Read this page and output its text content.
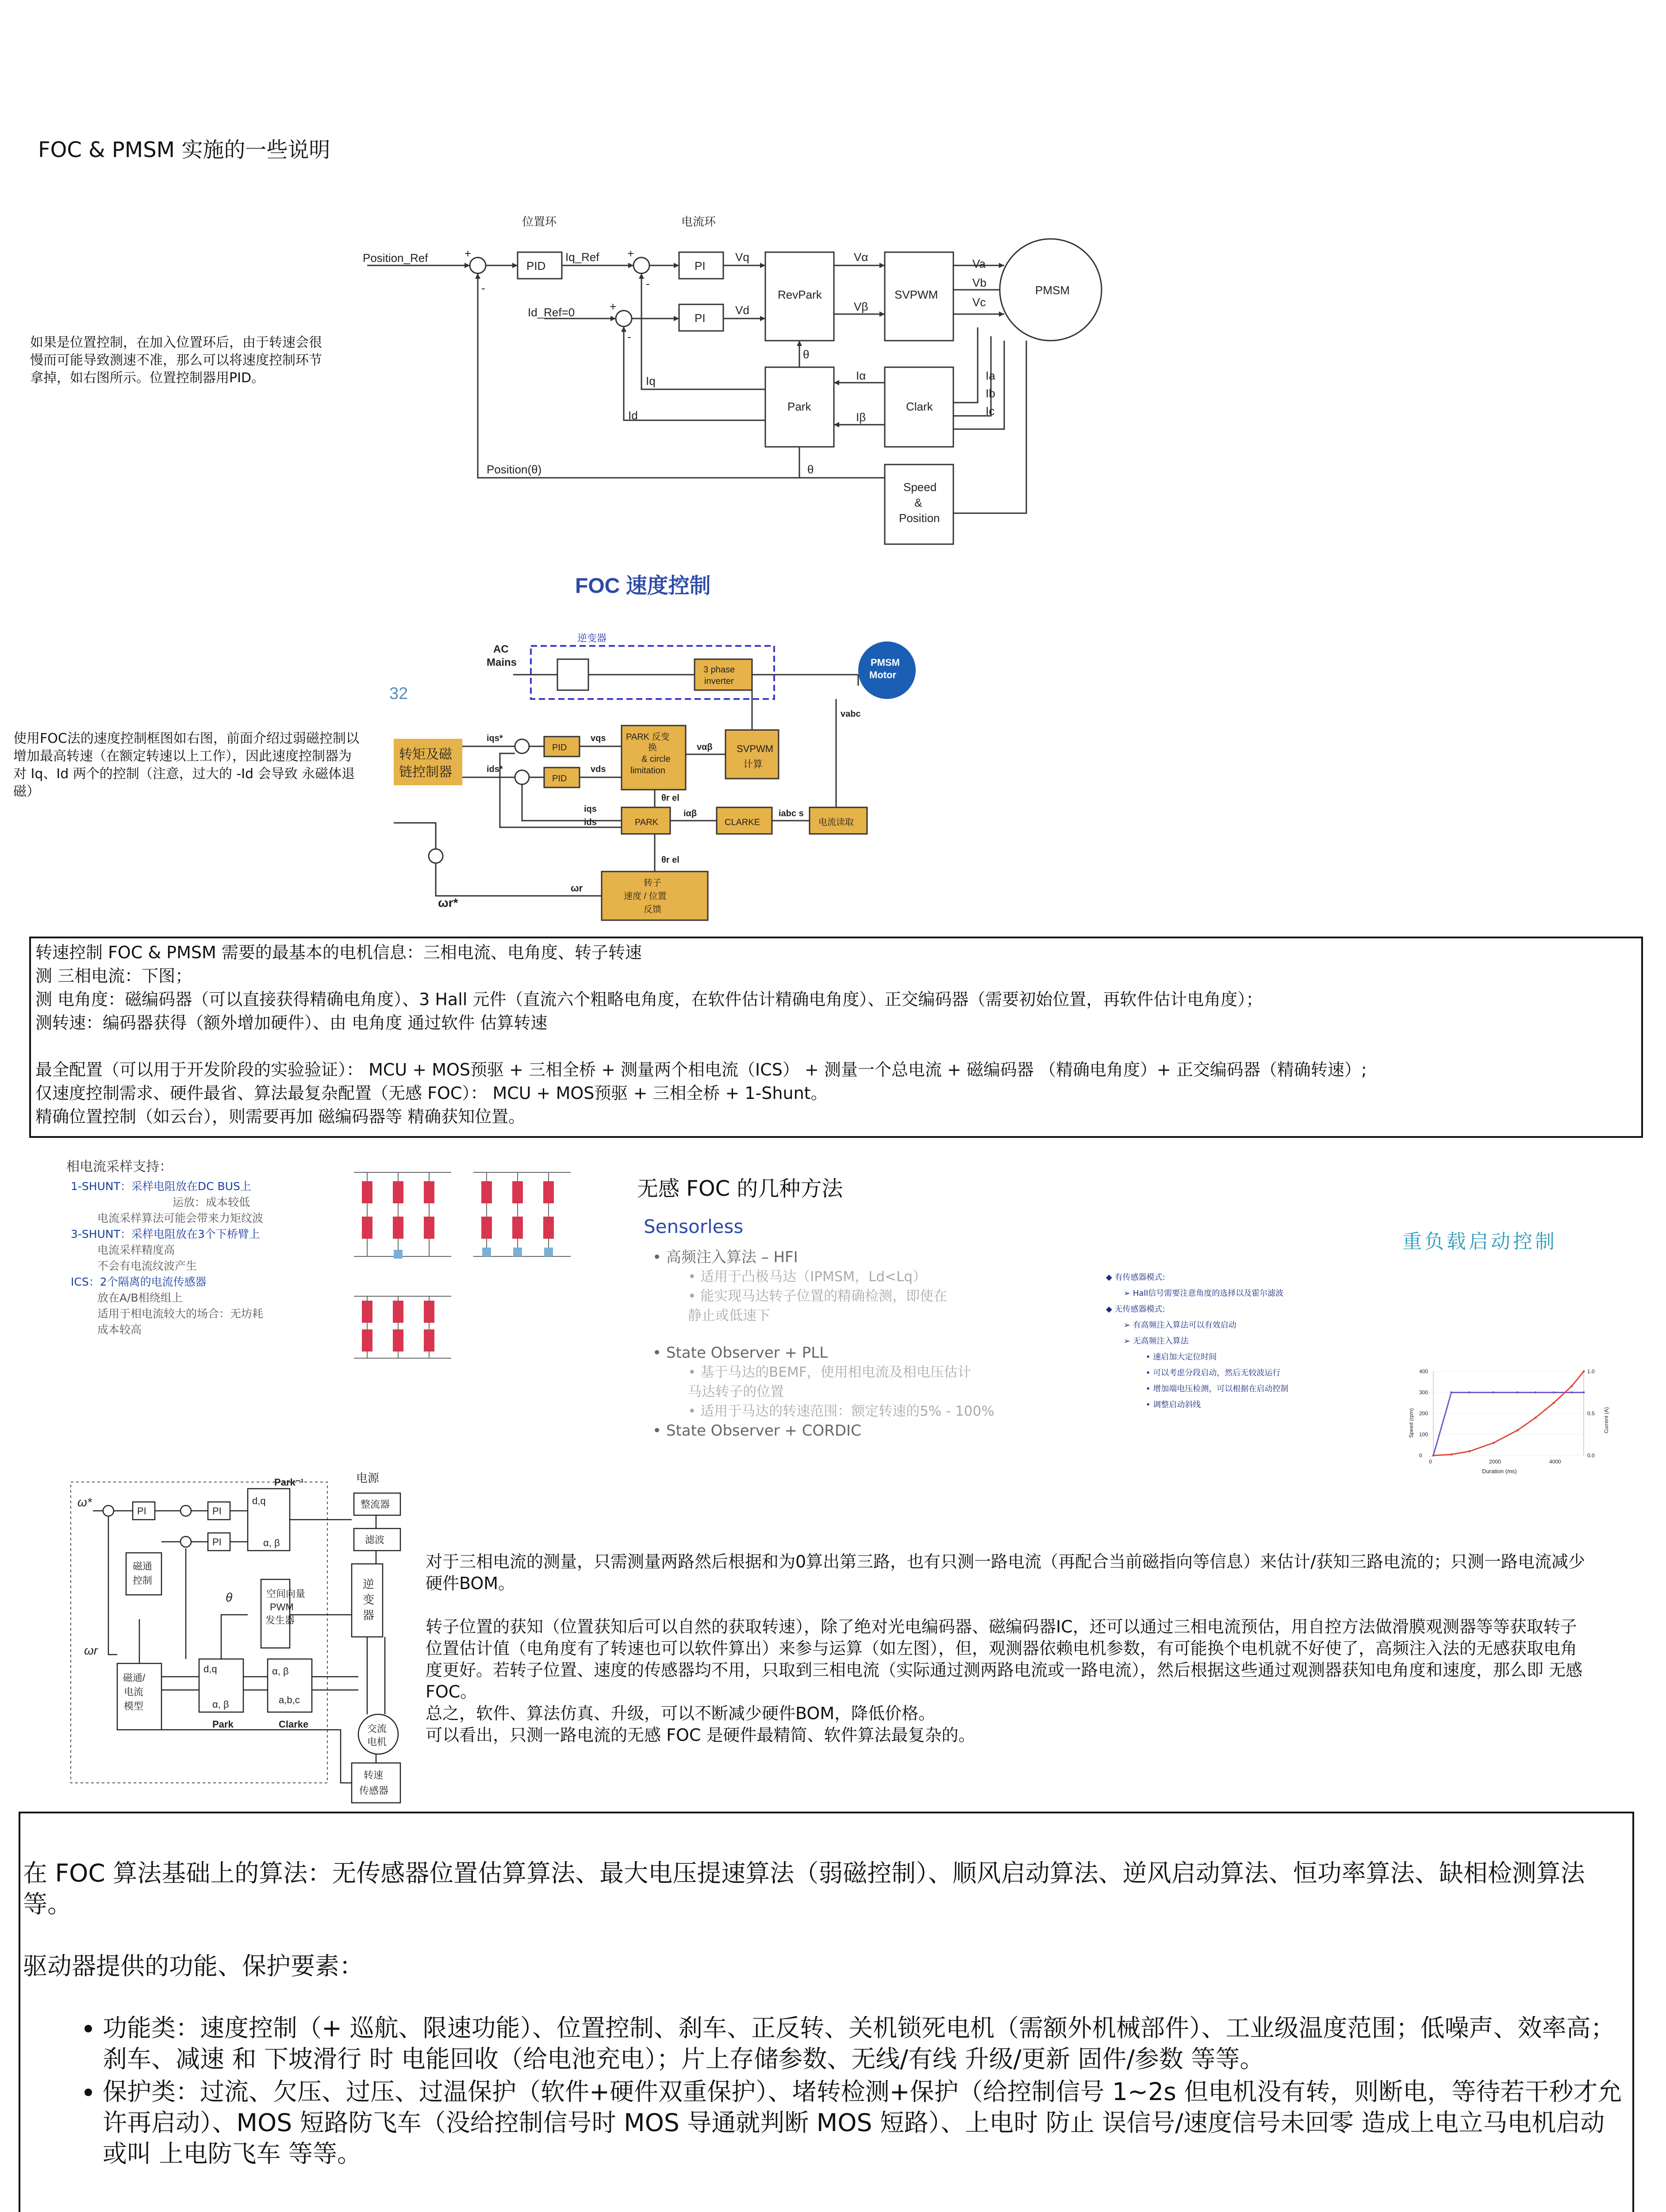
FOC & PMSM 实施的一些说明
位置环	电流环
Position_Ref
PID
Iq_Ref
Id_Ref=0
PI
PI
Vq
Vd
RevPark
Vα
Vβ
SVPWM
Va
Vb
Vc
PMSM
Park	Clark
Iq
Id
Iα
Iβ
Ia
Ib
Ic
θ
θ
Position(θ)
Speed
&
Position
+
-
+
-
+
-
如果是位置控制，在加入位置环后，由于转速会很慢而可能导致测速不准，那么可以将速度控制环节拿掉，如右图所示。位置控制器用PID。
FOC 速度控制
32
逆变器
AC
Mains
3 phase
inverter
PMSM
Motor
转矩及磁
链控制器
PID
PID
PARK 反变
换
& circle
limitation
SVPWM
计算
PARK	CLARKE	电流读取
转子
速度 / 位置
反馈
iqs*
ids*
vqs
vds
vαβ
iqs
ids
iαβ	iabc s
vabc
θr el
θr el
ωr
ωr*
使用FOC法的速度控制框图如右图，前面介绍过弱磁控制以增加最高转速（在额定转速以上工作），因此速度控制器为对 Iq、Id 两个的控制（注意，过大的 -Id 会导致 永磁体退磁）
转速控制 FOC & PMSM 需要的最基本的电机信息：三相电流、电角度、转子转速
测 三相电流：下图；
测 电角度：磁编码器（可以直接获得精确电角度）、3 Hall 元件（直流六个粗略电角度，在软件估计精确电角度）、正交编码器（需要初始位置，再软件估计电角度）；
测转速：编码器获得（额外增加硬件）、由 电角度 通过软件 估算转速
最全配置（可以用于开发阶段的实验验证）： MCU + MOS预驱 + 三相全桥 + 测量两个相电流（ICS） + 测量一个总电流 + 磁编码器 （精确电角度）+ 正交编码器（精确转速）;
仅速度控制需求、硬件最省、算法最复杂配置（无感 FOC）： MCU + MOS预驱 + 三相全桥 + 1-Shunt。
精确位置控制（如云台），则需要再加 磁编码器等 精确获知位置。
相电流采样支持：
1-SHUNT：采样电阻放在DC BUS上
运放：成本较低
电流采样算法可能会带来力矩纹波
3-SHUNT：采样电阻放在3个下桥臂上
电流采样精度高
不会有电流纹波产生
ICS：2个隔离的电流传感器
放在A/B相绕组上
适用于相电流较大的场合：无坊耗
成本较高
无感 FOC 的几种方法
Sensorless
• 高频注入算法 – HFI
• 适用于凸极马达（IPMSM，Ld<Lq）
• 能实现马达转子位置的精确检测，即使在
静止或低速下
• State Observer + PLL
• 基于马达的BEMF，使用相电流及相电压估计
马达转子的位置
• 适用于马达的转速范围：额定转速的5% - 100%
• State Observer + CORDIC
重负载启动控制
◆ 有传感器模式:
➢ Hall信号需要注意角度的选择以及霍尔滤波
◆ 无传感器模式:
➢ 有高频注入算法可以有效启动
➢ 无高频注入算法
• 速启加大定位时间
• 可以考虑分段启动，然后无较波运行
• 增加端电压检测，可以根据在启动控制
• 调整启动斜线
0	2000	4000
0
100
200
300
400
0.0
0.5
1.0
Duration (ms)
Speed (rpm)	Current (A)
电源
整流器
滤波
逆
变
器
空间向量
PWM
发生器
磁通
控制
磁通/
电流
模型
PI	PI
PI
Park⁻¹
d,q
α, β
d,q
α, β
α, β
a,b,c
Park	Clarke	交流
电机
转速
传感器
ω*
ωr
θ
对于三相电流的测量，只需测量两路然后根据和为0算出第三路，也有只测一路电流（再配合当前磁指向等信息）来估计/获知三路电流的；只测一路电流减少硬件BOM。
转子位置的获知（位置获知后可以自然的获取转速），除了绝对光电编码器、磁编码器IC，还可以通过三相电流预估，用自控方法做滑膜观测器等等获取转子位置估计值（电角度有了转速也可以软件算出）来参与运算（如左图），但，观测器依赖电机参数，有可能换个电机就不好使了，高频注入法的无感获取电角度更好。若转子位置、速度的传感器均不用，只取到三相电流（实际通过测两路电流或一路电流），然后根据这些通过观测器获知电角度和速度，那么即 无感 FOC。
总之，软件、算法仿真、升级，可以不断减少硬件BOM，降低价格。
可以看出，只测一路电流的无感 FOC 是硬件最精简、软件算法最复杂的。
在 FOC 算法基础上的算法：无传感器位置估算算法、最大电压提速算法（弱磁控制）、顺风启动算法、逆风启动算法、恒功率算法、缺相检测算法等。
驱动器提供的功能、保护要素：
• 功能类：速度控制（+ 巡航、限速功能）、位置控制、刹车、正反转、关机锁死电机（需额外机械部件）、工业级温度范围；低噪声、效率高；刹车、减速 和 下坡滑行 时 电能回收（给电池充电）；片上存储参数、无线/有线 升级/更新 固件/参数 等等。
• 保护类：过流、欠压、过压、过温保护（软件+硬件双重保护）、堵转检测+保护（给控制信号 1~2s 但电机没有转，则断电，等待若干秒才允许再启动）、MOS 短路防飞车（没给控制信号时 MOS 导通就判断 MOS 短路）、上电时 防止 误信号/速度信号未回零 造成上电立马电机启动 或叫 上电防飞车 等等。
